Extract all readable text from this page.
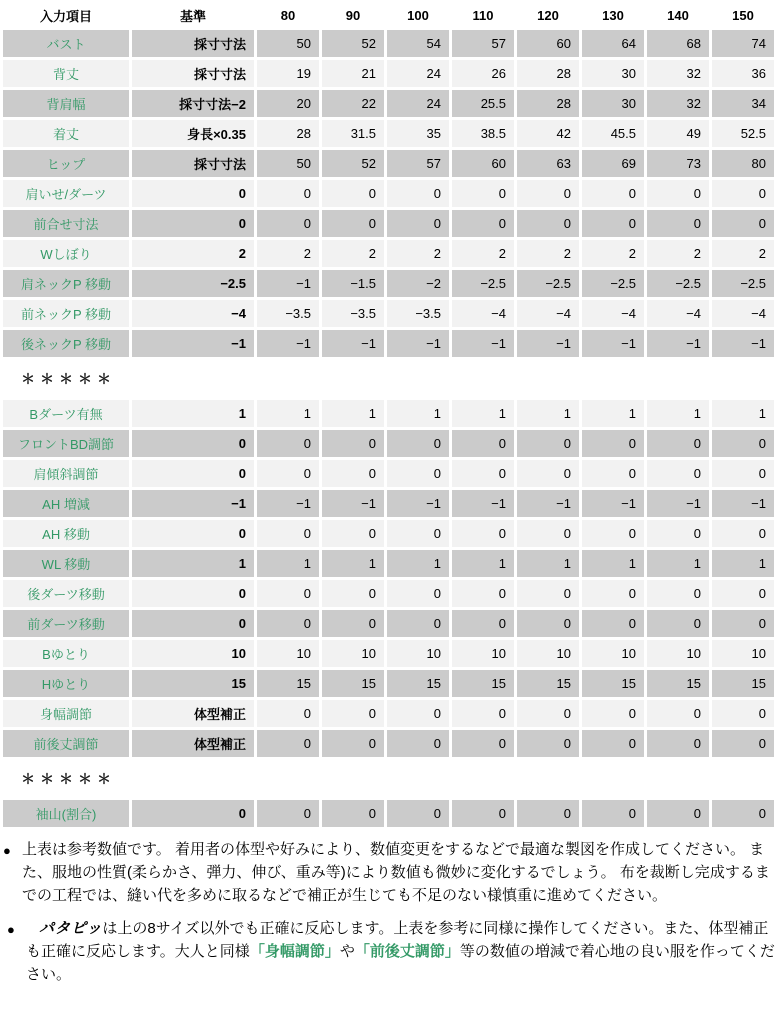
入力項目	基準	80	90	100	110	120	130	140	150
バスト	採寸寸法	50	52	54	57	60	64	68	74
背丈	採寸寸法	19	21	24	26	28	30	32	36
背肩幅	採寸寸法−2	20	22	24	25.5	28	30	32	34
着丈	身長×0.35	28	31.5	35	38.5	42	45.5	49	52.5
ヒップ	採寸寸法	50	52	57	60	63	69	73	80
肩いせ/ダーツ	0	0	0	0	0	0	0	0	0
前合せ寸法	0	0	0	0	0	0	0	0	0
Wしぼり	2	2	2	2	2	2	2	2	2
肩ネックP 移動	−2.5	−1	−1.5	−2	−2.5	−2.5	−2.5	−2.5	−2.5
前ネックP 移動	−4	−3.5	−3.5	−3.5	−4	−4	−4	−4	−4
後ネックP 移動	−1	−1	−1	−1	−1	−1	−1	−1	−1
＊＊＊＊＊
Bダーツ有無	1	1	1	1	1	1	1	1	1
フロントBD調節	0	0	0	0	0	0	0	0	0
肩傾斜調節	0	0	0	0	0	0	0	0	0
AH 増減	−1	−1	−1	−1	−1	−1	−1	−1	−1
AH 移動	0	0	0	0	0	0	0	0	0
WL 移動	1	1	1	1	1	1	1	1	1
後ダーツ移動	0	0	0	0	0	0	0	0	0
前ダーツ移動	0	0	0	0	0	0	0	0	0
Bゆとり	10	10	10	10	10	10	10	10	10
Hゆとり	15	15	15	15	15	15	15	15	15
身幅調節	体型補正	0	0	0	0	0	0	0	0
前後丈調節	体型補正	0	0	0	0	0	0	0	0
＊＊＊＊＊
袖山(割合)	0	0	0	0	0	0	0	0	0
● 上表は参考数値です。 着用者の体型や好みにより、数値変更をするなどで最適な製図を作成してください。 また、服地の性質(柔らかさ、弾力、伸び、重み等)により数値も微妙に変化するでしょう。 布を裁断し完成するまでの工程では、縫い代を多めに取るなどで補正が生じても不足のない様慎重に進めてください。
● パタピッは上の8サイズ以外でも正確に反応します。上表を参考に同様に操作してください。また、体型補正も正確に反応します。大人と同様「身幅調節」や「前後丈調節」等の数値の増減で着心地の良い服を作ってください。
